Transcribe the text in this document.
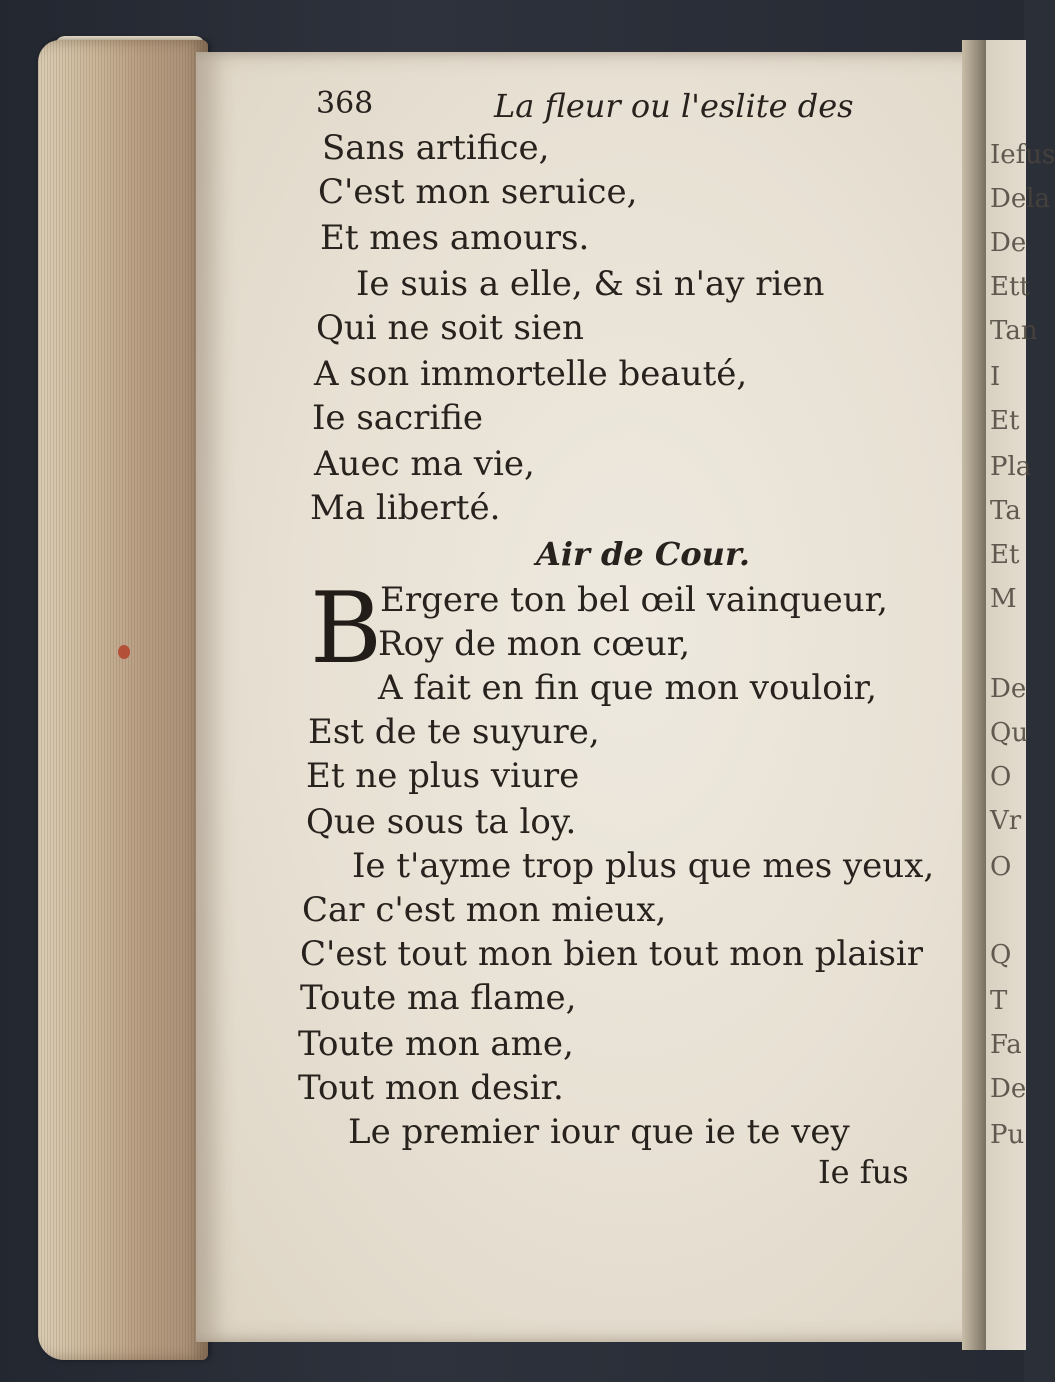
Iefus
Dela
De
Ett
Tan
I
Et
Pla
Ta
Et
M
De
Qu
O
Vr
O
Q
T
Fa
De
Pu
368	La fleur ou l'eslite des
Sans artifice,
C'est mon seruice,
Et mes amours.
Ie suis a elle, & si n'ay rien
Qui ne soit sien
A son immortelle beauté,
Ie sacrifie
Auec ma vie,
Ma liberté.
Air de Cour.
B
Ergere ton bel œil vainqueur,
Roy de mon cœur,
A fait en fin que mon vouloir,
Est de te suyure,
Et ne plus viure
Que sous ta loy.
Ie t'ayme trop plus que mes yeux,
Car c'est mon mieux,
C'est tout mon bien tout mon plaisir
Toute ma flame,
Toute mon ame,
Tout mon desir.
Le premier iour que ie te vey
Ie fus
